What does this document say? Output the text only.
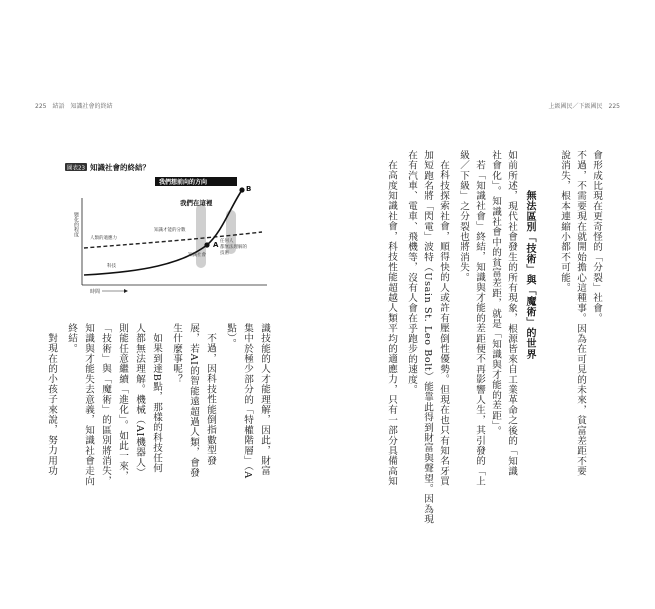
225　結語　知識社會的終結	上級國民／下級國民　225
會形成比現在更奇怪的「分裂」社會。
不過，不需要現在就開始擔心這種事。因為在可見的未來，貧富差距不要
說消失，根本連縮小都不可能。
無法區別「技術」與「魔術」的世界
如前所述，現代社會發生的所有現象，根源皆來自工業革命之後的「知識
社會化」。知識社會中的貧富差距，就是「知識與才能的差距」。
若「知識社會」終結，知識與才能的差距便不再影響人生，其引發的「上
級／下級」之分裂也將消失。
在科技探索社會，順得快的人或許有壓倒性優勢。但現在也只有知名牙買
加短跑名將「閃電」波特（Usain St. Leo Bolt）能靠此得到財富與聲望。因為現
在有汽車、電車、飛機等，沒有人會在乎跑步的速度。
在高度知識社會，科技性能超越人類平均的適應力，只有一部分具備高知
識技能的人才能理解，因此，財富
集中於極少部分的「特權階層」（A
點）。
不過，因科技性能倒指數型發
展，若AI的智能遠超過人類，會發
生什麼事呢？
如果到達B點，那樣的科技任何
人都無法理解。機械（AI機器人）
則能任意繼續「進化」。如此一來，
「技術」與「魔術」的區別將消失，
知識與才能失去意義，知識社會走向
終結。
對現在的小孩子來說，努力用功
圖表23 知識社會的終結？
變化的程度
時間
A
B
我們想前向的方向
我們在這裡
人類的適應力
科技
知識才能的分數
知識社會
任何人
都無法理解的
技術
